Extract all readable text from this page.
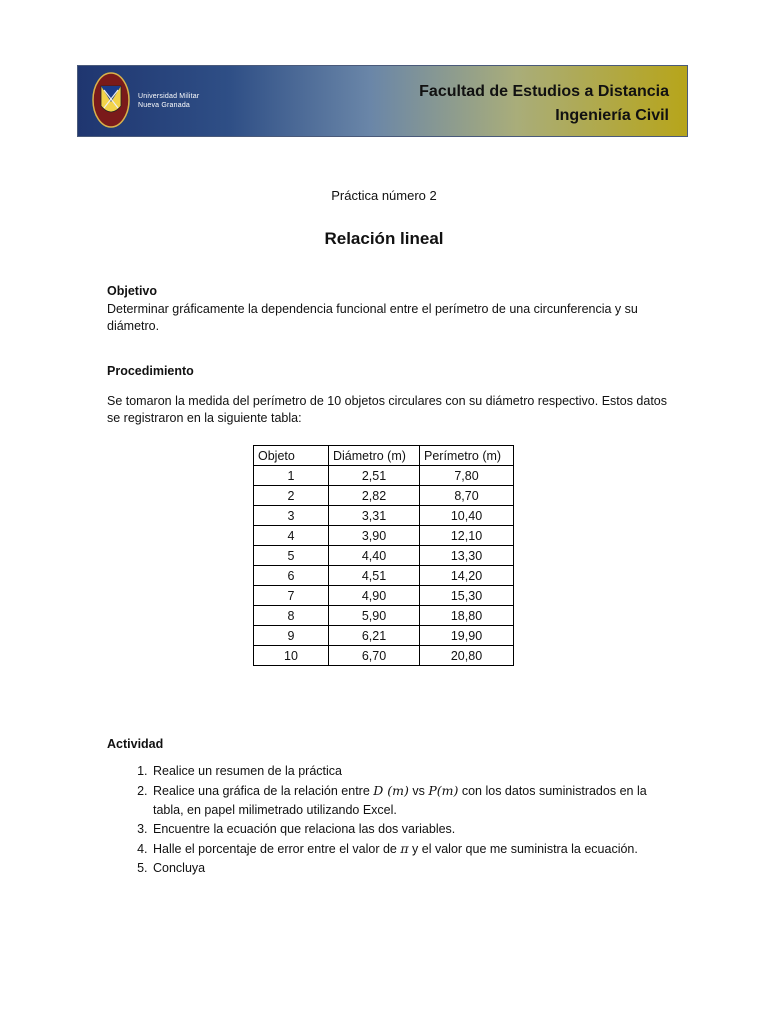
Universidad Militar
Nueva Granada
Facultad de Estudios a Distancia
Ingeniería Civil
Práctica número 2
Relación lineal
Objetivo
Determinar gráficamente la dependencia funcional entre el perímetro de una circunferencia y su diámetro.
Procedimiento
Se tomaron la medida del perímetro de 10 objetos circulares con su diámetro respectivo. Estos datos se registraron en la siguiente tabla:
Objeto	Diámetro (m)	Perímetro (m)
1	2,51	7,80
2	2,82	8,70
3	3,31	10,40
4	3,90	12,10
5	4,40	13,30
6	4,51	14,20
7	4,90	15,30
8	5,90	18,80
9	6,21	19,90
10	6,70	20,80
Actividad
1. Realice un resumen de la práctica
2. Realice una gráfica de la relación entre D (m) vs P(m) con los datos suministrados en la tabla, en papel milimetrado utilizando Excel.
3. Encuentre la ecuación que relaciona las dos variables.
4. Halle el porcentaje de error entre el valor de π y el valor que me suministra la ecuación.
5. Concluya
